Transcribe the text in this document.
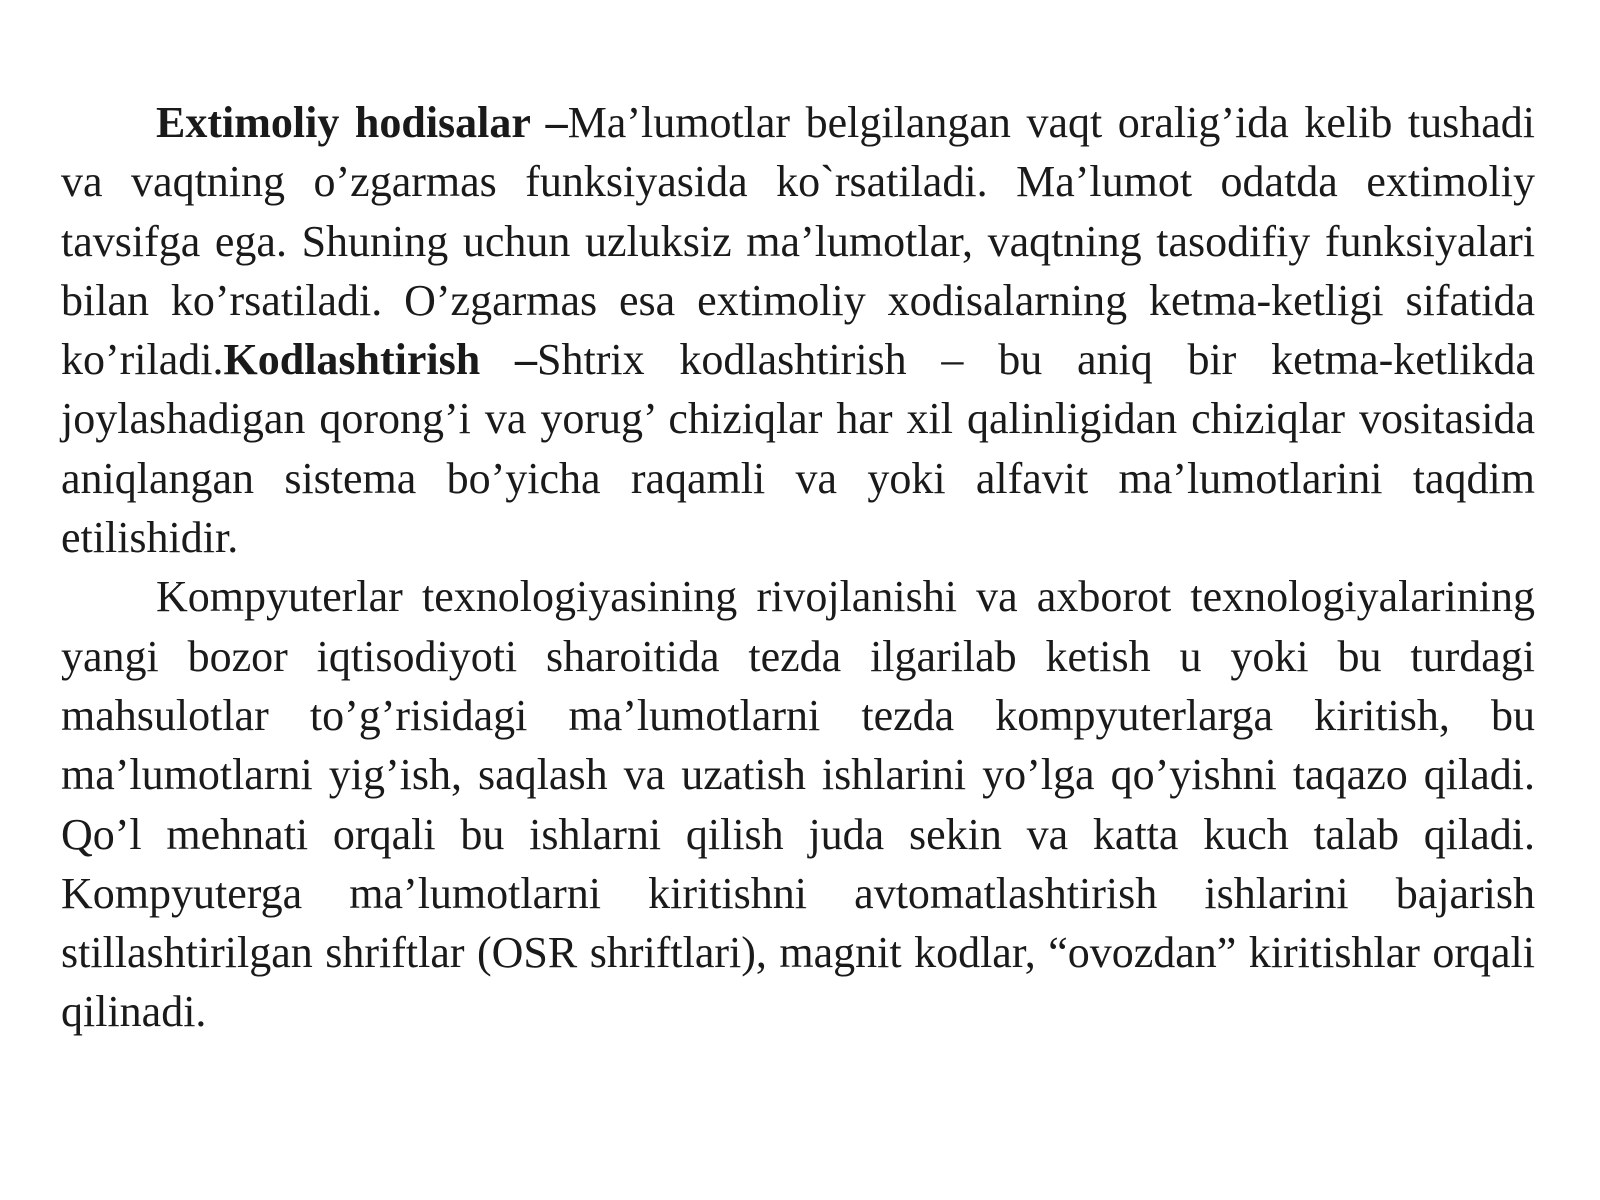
Extimoliy hodisalar –Ma’lumotlar belgilangan vaqt oralig’ida kelib tushadi va vaqtning o’zgarmas funksiyasida ko`rsatiladi. Ma’lumot odatda extimoliy tavsifga ega. Shuning uchun uzluksiz ma’lumotlar, vaqtning tasodifiy funksiyalari bilan ko’rsatiladi. O’zgarmas esa extimoliy xodisalarning ketma-ketligi sifatida ko’riladi.Kodlashtirish –Shtrix kodlashtirish – bu aniq bir ketma-ketlikda joylashadigan qorong’i va yorug’ chiziqlar har xil qalinligidan chiziqlar vositasida aniqlangan sistema bo’yicha raqamli va yoki alfavit ma’lumotlarini taqdim etilishidir.

Kompyuterlar texnologiyasining rivojlanishi va axborot texnologiyalarining yangi bozor iqtisodiyoti sharoitida tezda ilgarilab ketish u yoki bu turdagi mahsulotlar to’g’risidagi ma’lumotlarni tezda kompyuterlarga kiritish, bu ma’lumotlarni yig’ish, saqlash va uzatish ishlarini yo’lga qo’yishni taqazo qiladi. Qo’l mehnati orqali bu ishlarni qilish juda sekin va katta kuch talab qiladi. Kompyuterga ma’lumotlarni kiritishni avtomatlashtirish ishlarini bajarish stillashtirilgan shriftlar (OSR shriftlari), magnit kodlar, “ovozdan” kiritishlar orqali qilinadi.
